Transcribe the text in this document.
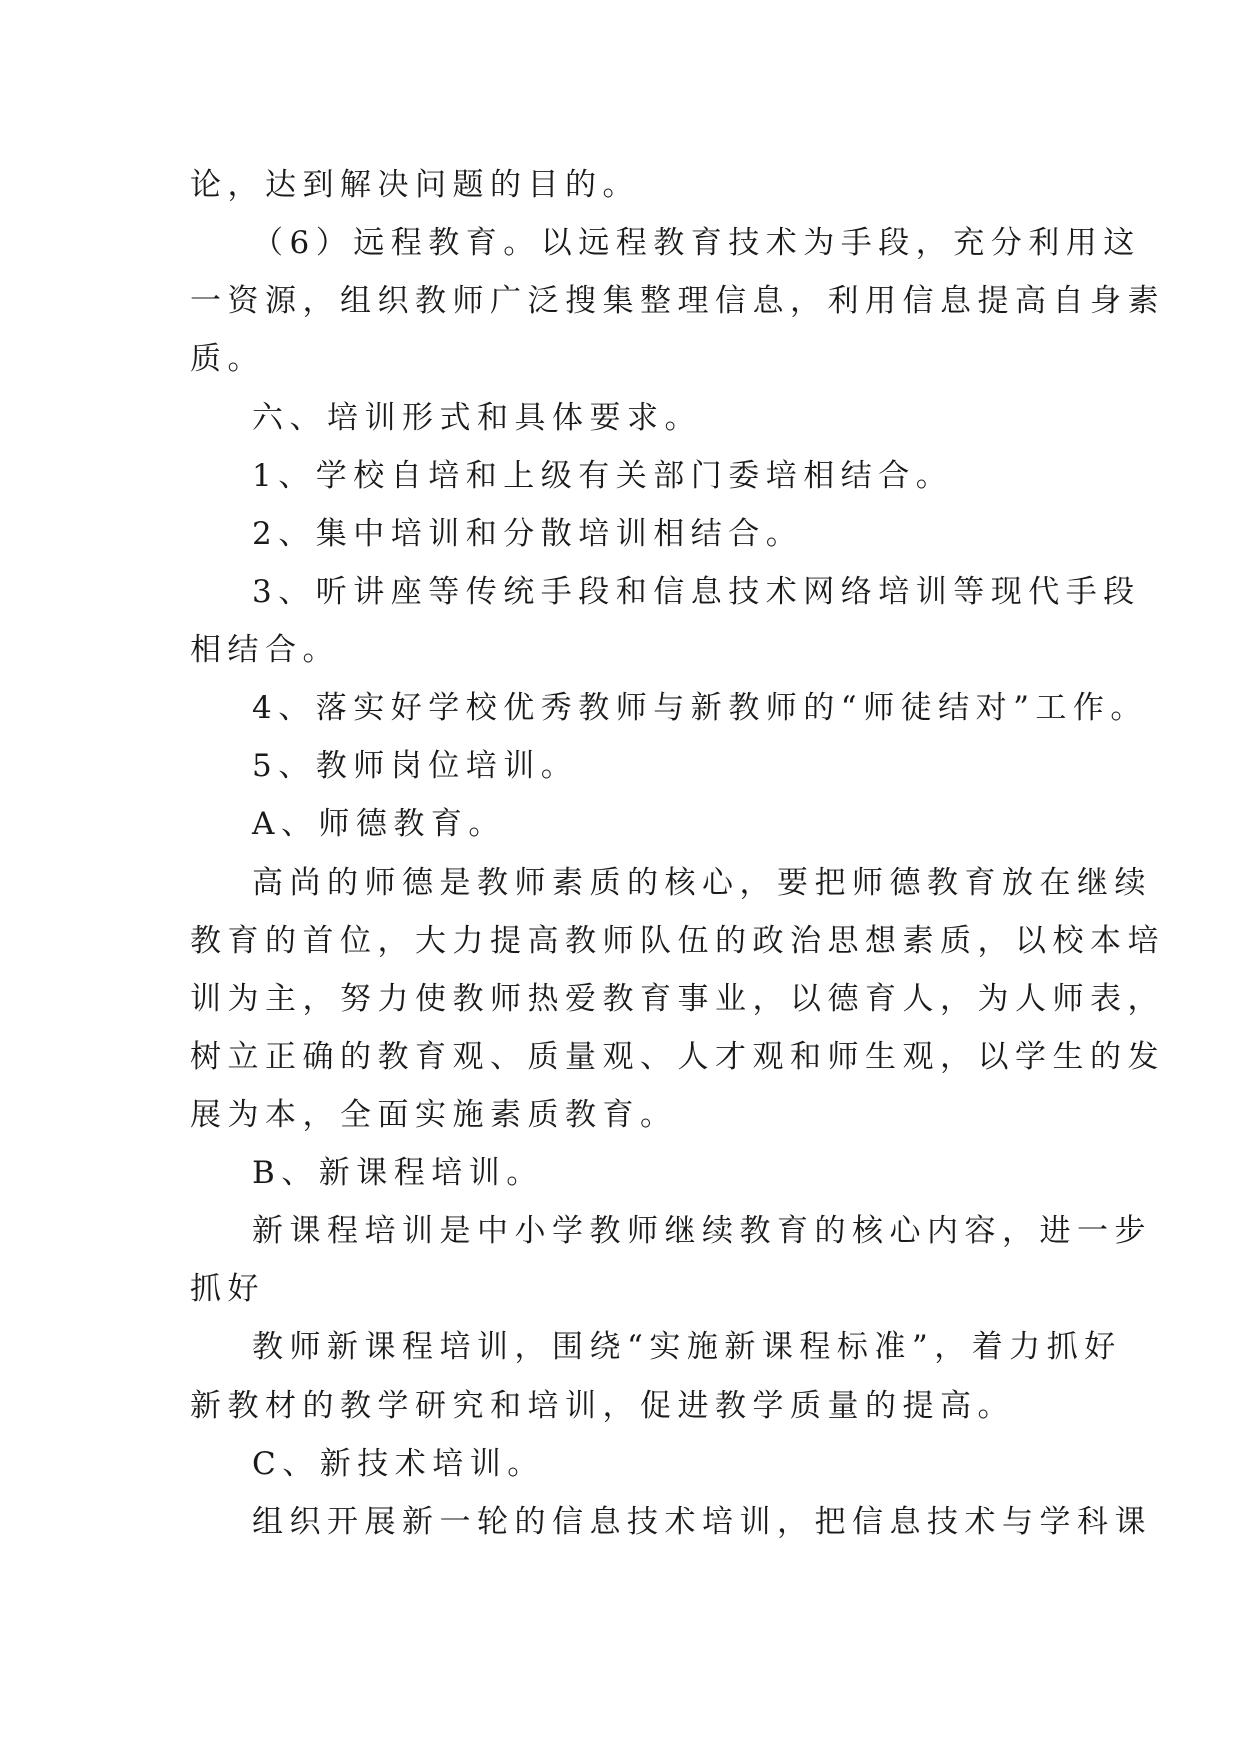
论，达到解决问题的目的。
（6）远程教育。以远程教育技术为手段，充分利用这
一资源，组织教师广泛搜集整理信息，利用信息提高自身素
质。
六、培训形式和具体要求。
1、学校自培和上级有关部门委培相结合。
2、集中培训和分散培训相结合。
3、听讲座等传统手段和信息技术网络培训等现代手段
相结合。
4、落实好学校优秀教师与新教师的“师徒结对”工作。
5、教师岗位培训。
A、师德教育。
高尚的师德是教师素质的核心，要把师德教育放在继续
教育的首位，大力提高教师队伍的政治思想素质，以校本培
训为主，努力使教师热爱教育事业，以德育人，为人师表，
树立正确的教育观、质量观、人才观和师生观，以学生的发
展为本，全面实施素质教育。
B、新课程培训。
新课程培训是中小学教师继续教育的核心内容，进一步
抓好
教师新课程培训，围绕“实施新课程标准”，着力抓好
新教材的教学研究和培训，促进教学质量的提高。
C、新技术培训。
组织开展新一轮的信息技术培训，把信息技术与学科课
